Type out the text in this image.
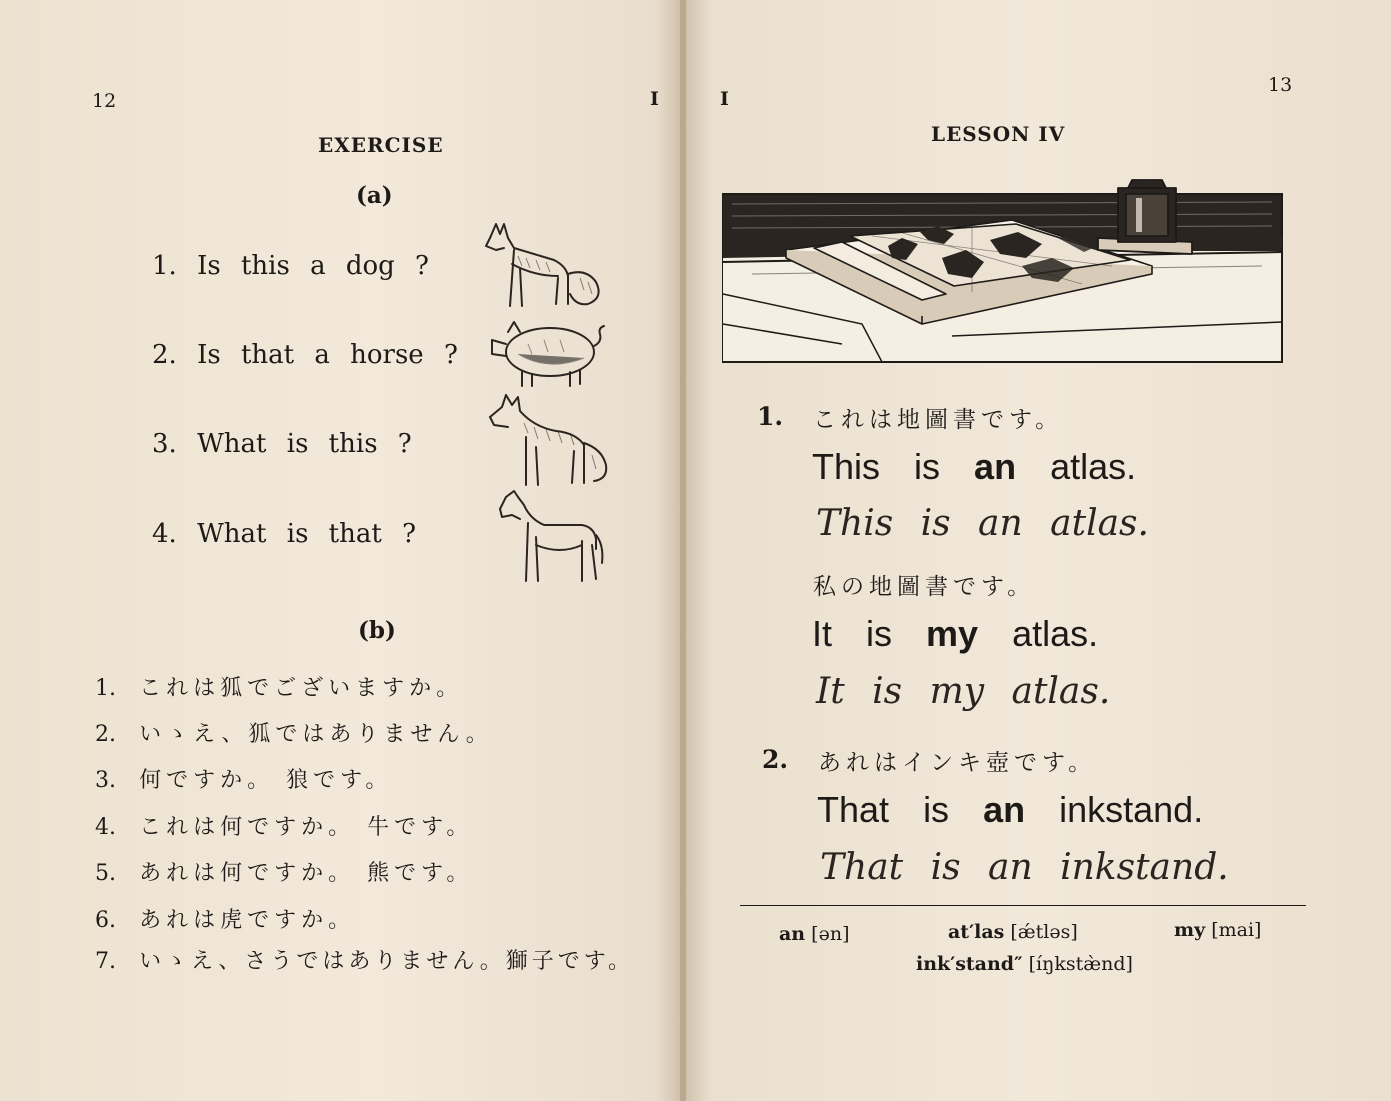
12	I
EXERCISE
(a)
1. Is this a dog ?
2. Is that a horse ?
3. What is this ?
4. What is that ?
(b)
1. これは狐でございますか。
2. いゝえ、狐ではありません。
3. 何ですか。 狼です。
4. これは何ですか。 牛です。
5. あれは何ですか。 熊です。
6. あれは虎ですか。
7. いゝえ、さうではありません。獅子です。
I
13
LESSON IV
1. これは地圖書です。
This is an atlas.
This is an atlas.
私の地圖書です。
It is my atlas.
It is my atlas.
2. あれはインキ壺です。
That is an inkstand.
That is an inkstand.
an [ən]	at′las [ǽtləs]	my [mai]
ink′stand″ [íŋkstæ̀nd]
